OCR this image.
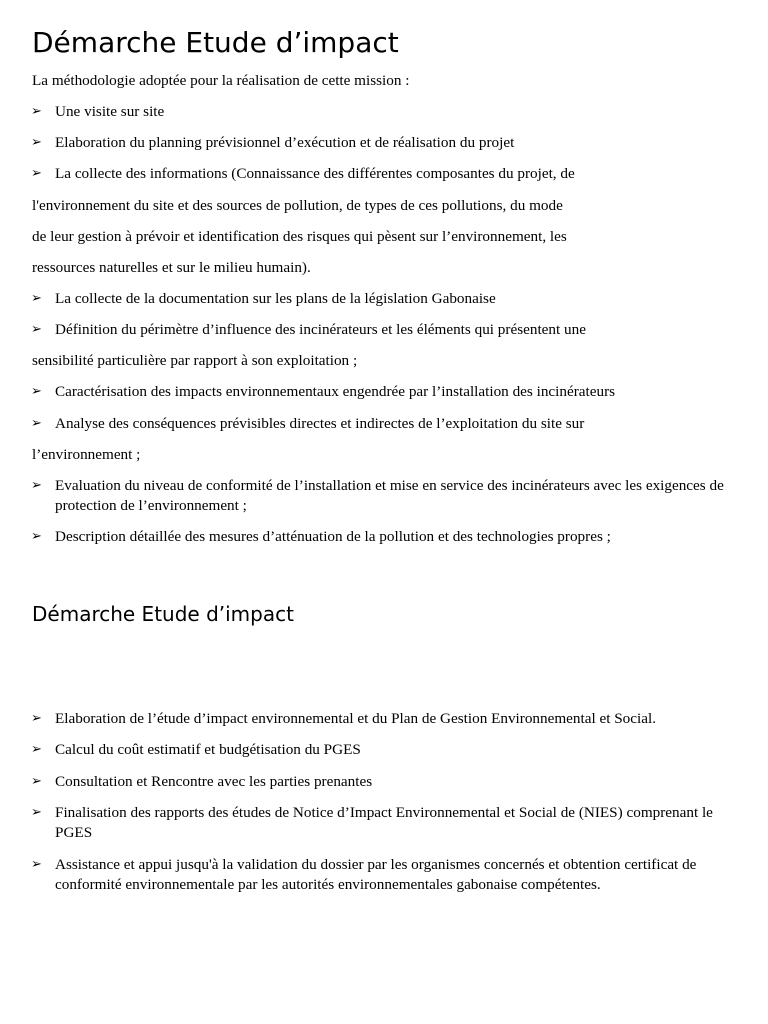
Démarche Etude d’impact
La méthodologie adoptée pour la réalisation de cette mission :
➢ Une visite sur site
➢ Elaboration du planning prévisionnel d’exécution et de réalisation du projet
➢ La collecte des informations (Connaissance des différentes composantes du projet, de
l'environnement du site et des sources de pollution, de types de ces pollutions, du mode
de leur gestion à prévoir et identification des risques qui pèsent sur l’environnement, les
ressources naturelles et sur le milieu humain).
➢ La collecte de la documentation sur les plans de la législation Gabonaise
➢ Définition du périmètre d’influence des incinérateurs et les éléments qui présentent une
sensibilité particulière par rapport à son exploitation ;
➢ Caractérisation des impacts environnementaux engendrée par l’installation des incinérateurs
➢ Analyse des conséquences prévisibles directes et indirectes de l’exploitation du site sur
l’environnement ;
➢ Evaluation du niveau de conformité de l’installation et mise en service des incinérateurs avec les exigences de protection de l’environnement ;
➢ Description détaillée des mesures d’atténuation de la pollution et des technologies propres ;
Démarche Etude d’impact
➢ Elaboration de l’étude d’impact environnemental et du Plan de Gestion Environnemental et Social.
➢ Calcul du coût estimatif et budgétisation du PGES
➢ Consultation et Rencontre avec les parties prenantes
➢ Finalisation des rapports des études de Notice d’Impact Environnemental et Social de (NIES) comprenant le PGES
➢ Assistance et appui jusqu'à la validation du dossier par les organismes concernés et obtention certificat de conformité environnementale par les autorités environnementales gabonaise compétentes.
